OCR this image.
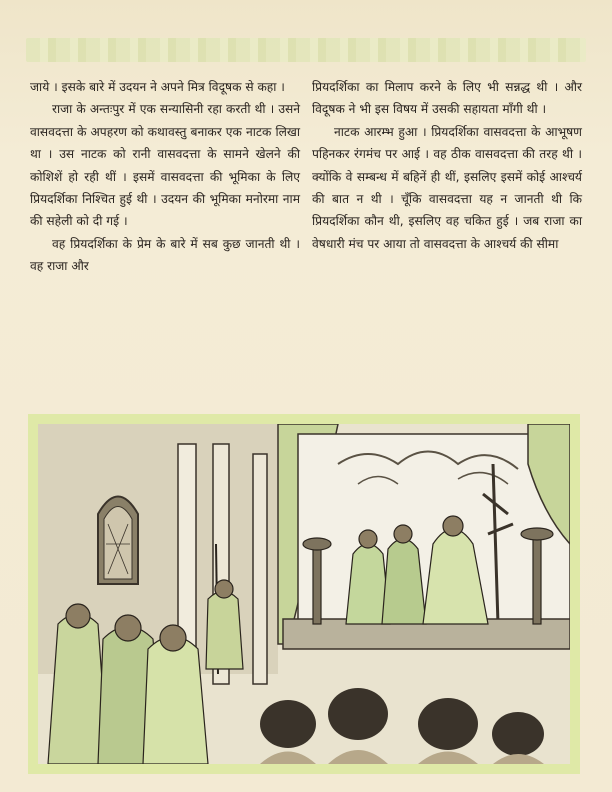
जाये । इसके बारे में उदयन ने अपने मित्र विदूषक से कहा ।

राजा के अन्तःपुर में एक सन्यासिनी रहा करती थी । उसने वासवदत्ता के अपहरण को कथावस्तु बनाकर एक नाटक लिखा था । उस नाटक को रानी वासवदत्ता के सामने खेलने की कोशिशें हो रही थीं । इसमें वासवदत्ता की भूमिका के लिए प्रियदर्शिका निश्चित हुई थी । उदयन की भूमिका मनोरमा नाम की सहेली को दी गई ।

वह प्रियदर्शिका के प्रेम के बारे में सब कुछ जानती थी । वह राजा और

प्रियदर्शिका का मिलाप करने के लिए भी सन्नद्ध थी । और विदूषक ने भी इस विषय में उसकी सहायता माँगी थी ।

नाटक आरम्भ हुआ । प्रियदर्शिका वासवदत्ता के आभूषण पहिनकर रंगमंच पर आई । वह ठीक वासवदत्ता की तरह थी । क्योंकि वे सम्बन्ध में बहिनें ही थीं, इसलिए इसमें कोई आश्चर्य की बात न थी । चूँकि वासवदत्ता यह न जानती थी कि प्रियदर्शिका कौन थी, इसलिए वह चकित हुई । जब राजा का वेषधारी मंच पर आया तो वासवदत्ता के आश्चर्य की सीमा
